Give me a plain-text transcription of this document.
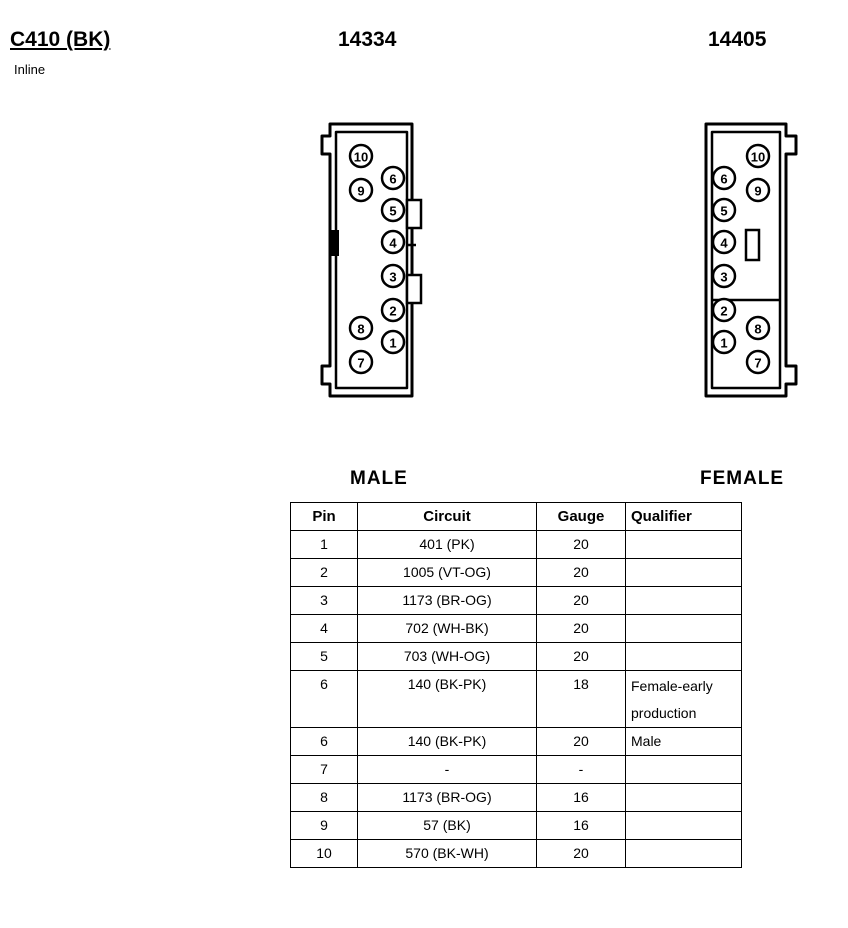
C410 (BK)
Inline
14334	14405
10
9
8
7
6
5
4
3
2
1
6
5
4
3
2
1
10
9
8
7
MALE	FEMALE
Pin	Circuit	Gauge	Qualifier
1	401 (PK)	20	
2	1005 (VT-OG)	20	
3	1173 (BR-OG)	20	
4	702 (WH-BK)	20	
5	703 (WH-OG)	20	
6	140 (BK-PK)	18	Female-early production
6	140 (BK-PK)	20	Male
7	-	-	
8	1173 (BR-OG)	16	
9	57 (BK)	16	
10	570 (BK-WH)	20	
